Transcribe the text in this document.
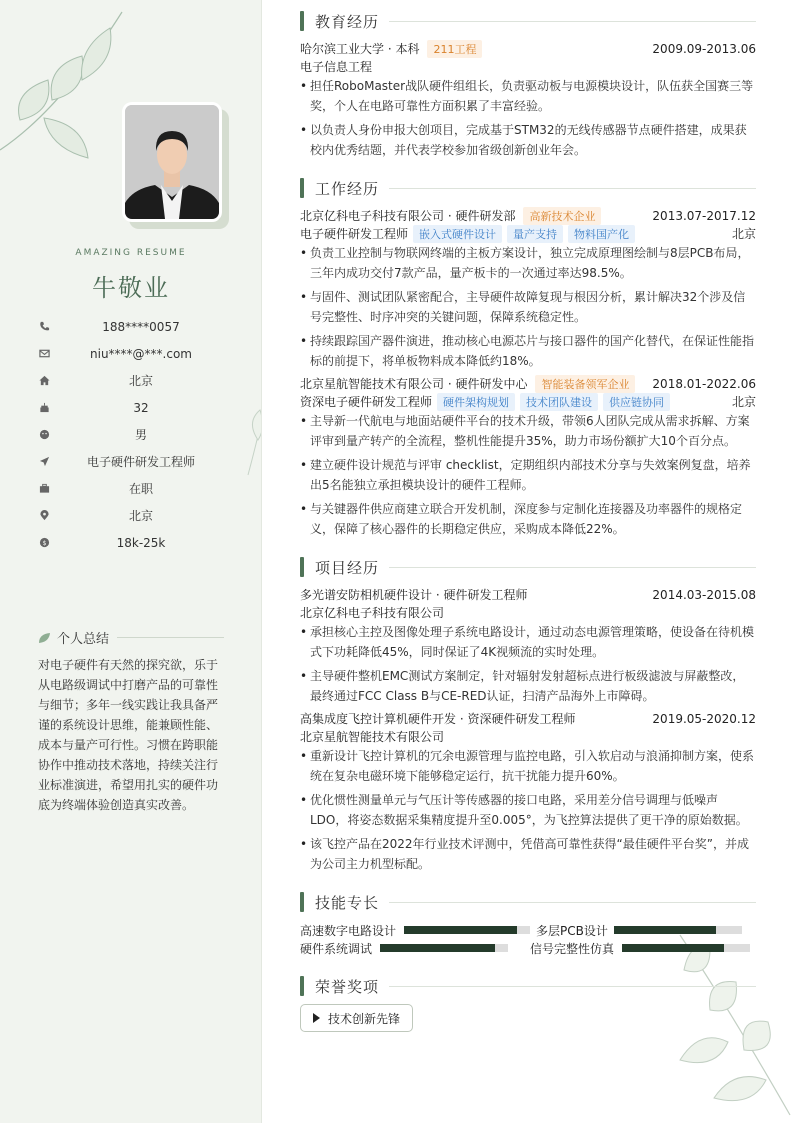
AMAZING RESUME
牛敬业
188****0057
niu****@***.com
北京
32
男
电子硬件研发工程师
在职
北京
$	18k-25k
个人总结
对电子硬件有天然的探究欲，乐于从电路级调试中打磨产品的可靠性与细节；多年一线实践让我具备严谨的系统设计思维，能兼顾性能、成本与量产可行性。习惯在跨职能协作中推动技术落地，持续关注行业标准演进，希望用扎实的硬件功底为终端体验创造真实改善。
教育经历
哈尔滨工业大学 · 本科	211工程	2009.09-2013.06
电子信息工程
• 担任RoboMaster战队硬件组组长，负责驱动板与电源模块设计，队伍获全国赛三等奖，个人在电路可靠性方面积累了丰富经验。
• 以负责人身份申报大创项目，完成基于STM32的无线传感器节点硬件搭建，成果获校内优秀结题，并代表学校参加省级创新创业年会。
工作经历
北京亿科电子科技有限公司 · 硬件研发部	高新技术企业	2013.07-2017.12
电子硬件研发工程师	嵌入式硬件设计	量产支持	物料国产化	北京
• 负责工业控制与物联网终端的主板方案设计，独立完成原理图绘制与8层PCB布局，三年内成功交付7款产品，量产板卡的一次通过率达98.5%。
• 与固件、测试团队紧密配合，主导硬件故障复现与根因分析，累计解决32个涉及信号完整性、时序冲突的关键问题，保障系统稳定性。
• 持续跟踪国产器件演进，推动核心电源芯片与接口器件的国产化替代，在保证性能指标的前提下，将单板物料成本降低约18%。
北京星航智能技术有限公司 · 硬件研发中心	智能装备领军企业	2018.01-2022.06
资深电子硬件研发工程师	硬件架构规划	技术团队建设	供应链协同	北京
• 主导新一代航电与地面站硬件平台的技术升级，带领6人团队完成从需求拆解、方案评审到量产转产的全流程，整机性能提升35%，助力市场份额扩大10个百分点。
• 建立硬件设计规范与评审 checklist，定期组织内部技术分享与失效案例复盘，培养出5名能独立承担模块设计的硬件工程师。
• 与关键器件供应商建立联合开发机制，深度参与定制化连接器及功率器件的规格定义，保障了核心器件的长期稳定供应，采购成本降低22%。
项目经历
多光谱安防相机硬件设计 · 硬件研发工程师	2014.03-2015.08
北京亿科电子科技有限公司
• 承担核心主控及图像处理子系统电路设计，通过动态电源管理策略，使设备在待机模式下功耗降低45%，同时保证了4K视频流的实时处理。
• 主导硬件整机EMC测试方案制定，针对辐射发射超标点进行板级滤波与屏蔽整改，最终通过FCC Class B与CE-RED认证，扫清产品海外上市障碍。
高集成度飞控计算机硬件开发 · 资深硬件研发工程师	2019.05-2020.12
北京星航智能技术有限公司
• 重新设计飞控计算机的冗余电源管理与监控电路，引入软启动与浪涌抑制方案，使系统在复杂电磁环境下能够稳定运行，抗干扰能力提升60%。
• 优化惯性测量单元与气压计等传感器的接口电路，采用差分信号调理与低噪声 LDO，将姿态数据采集精度提升至0.005°，为飞控算法提供了更干净的原始数据。
• 该飞控产品在2022年行业技术评测中，凭借高可靠性获得“最佳硬件平台奖”，并成为公司主力机型标配。
技能专长
高速数字电路设计	多层PCB设计
硬件系统调试	信号完整性仿真
荣誉奖项
技术创新先锋
